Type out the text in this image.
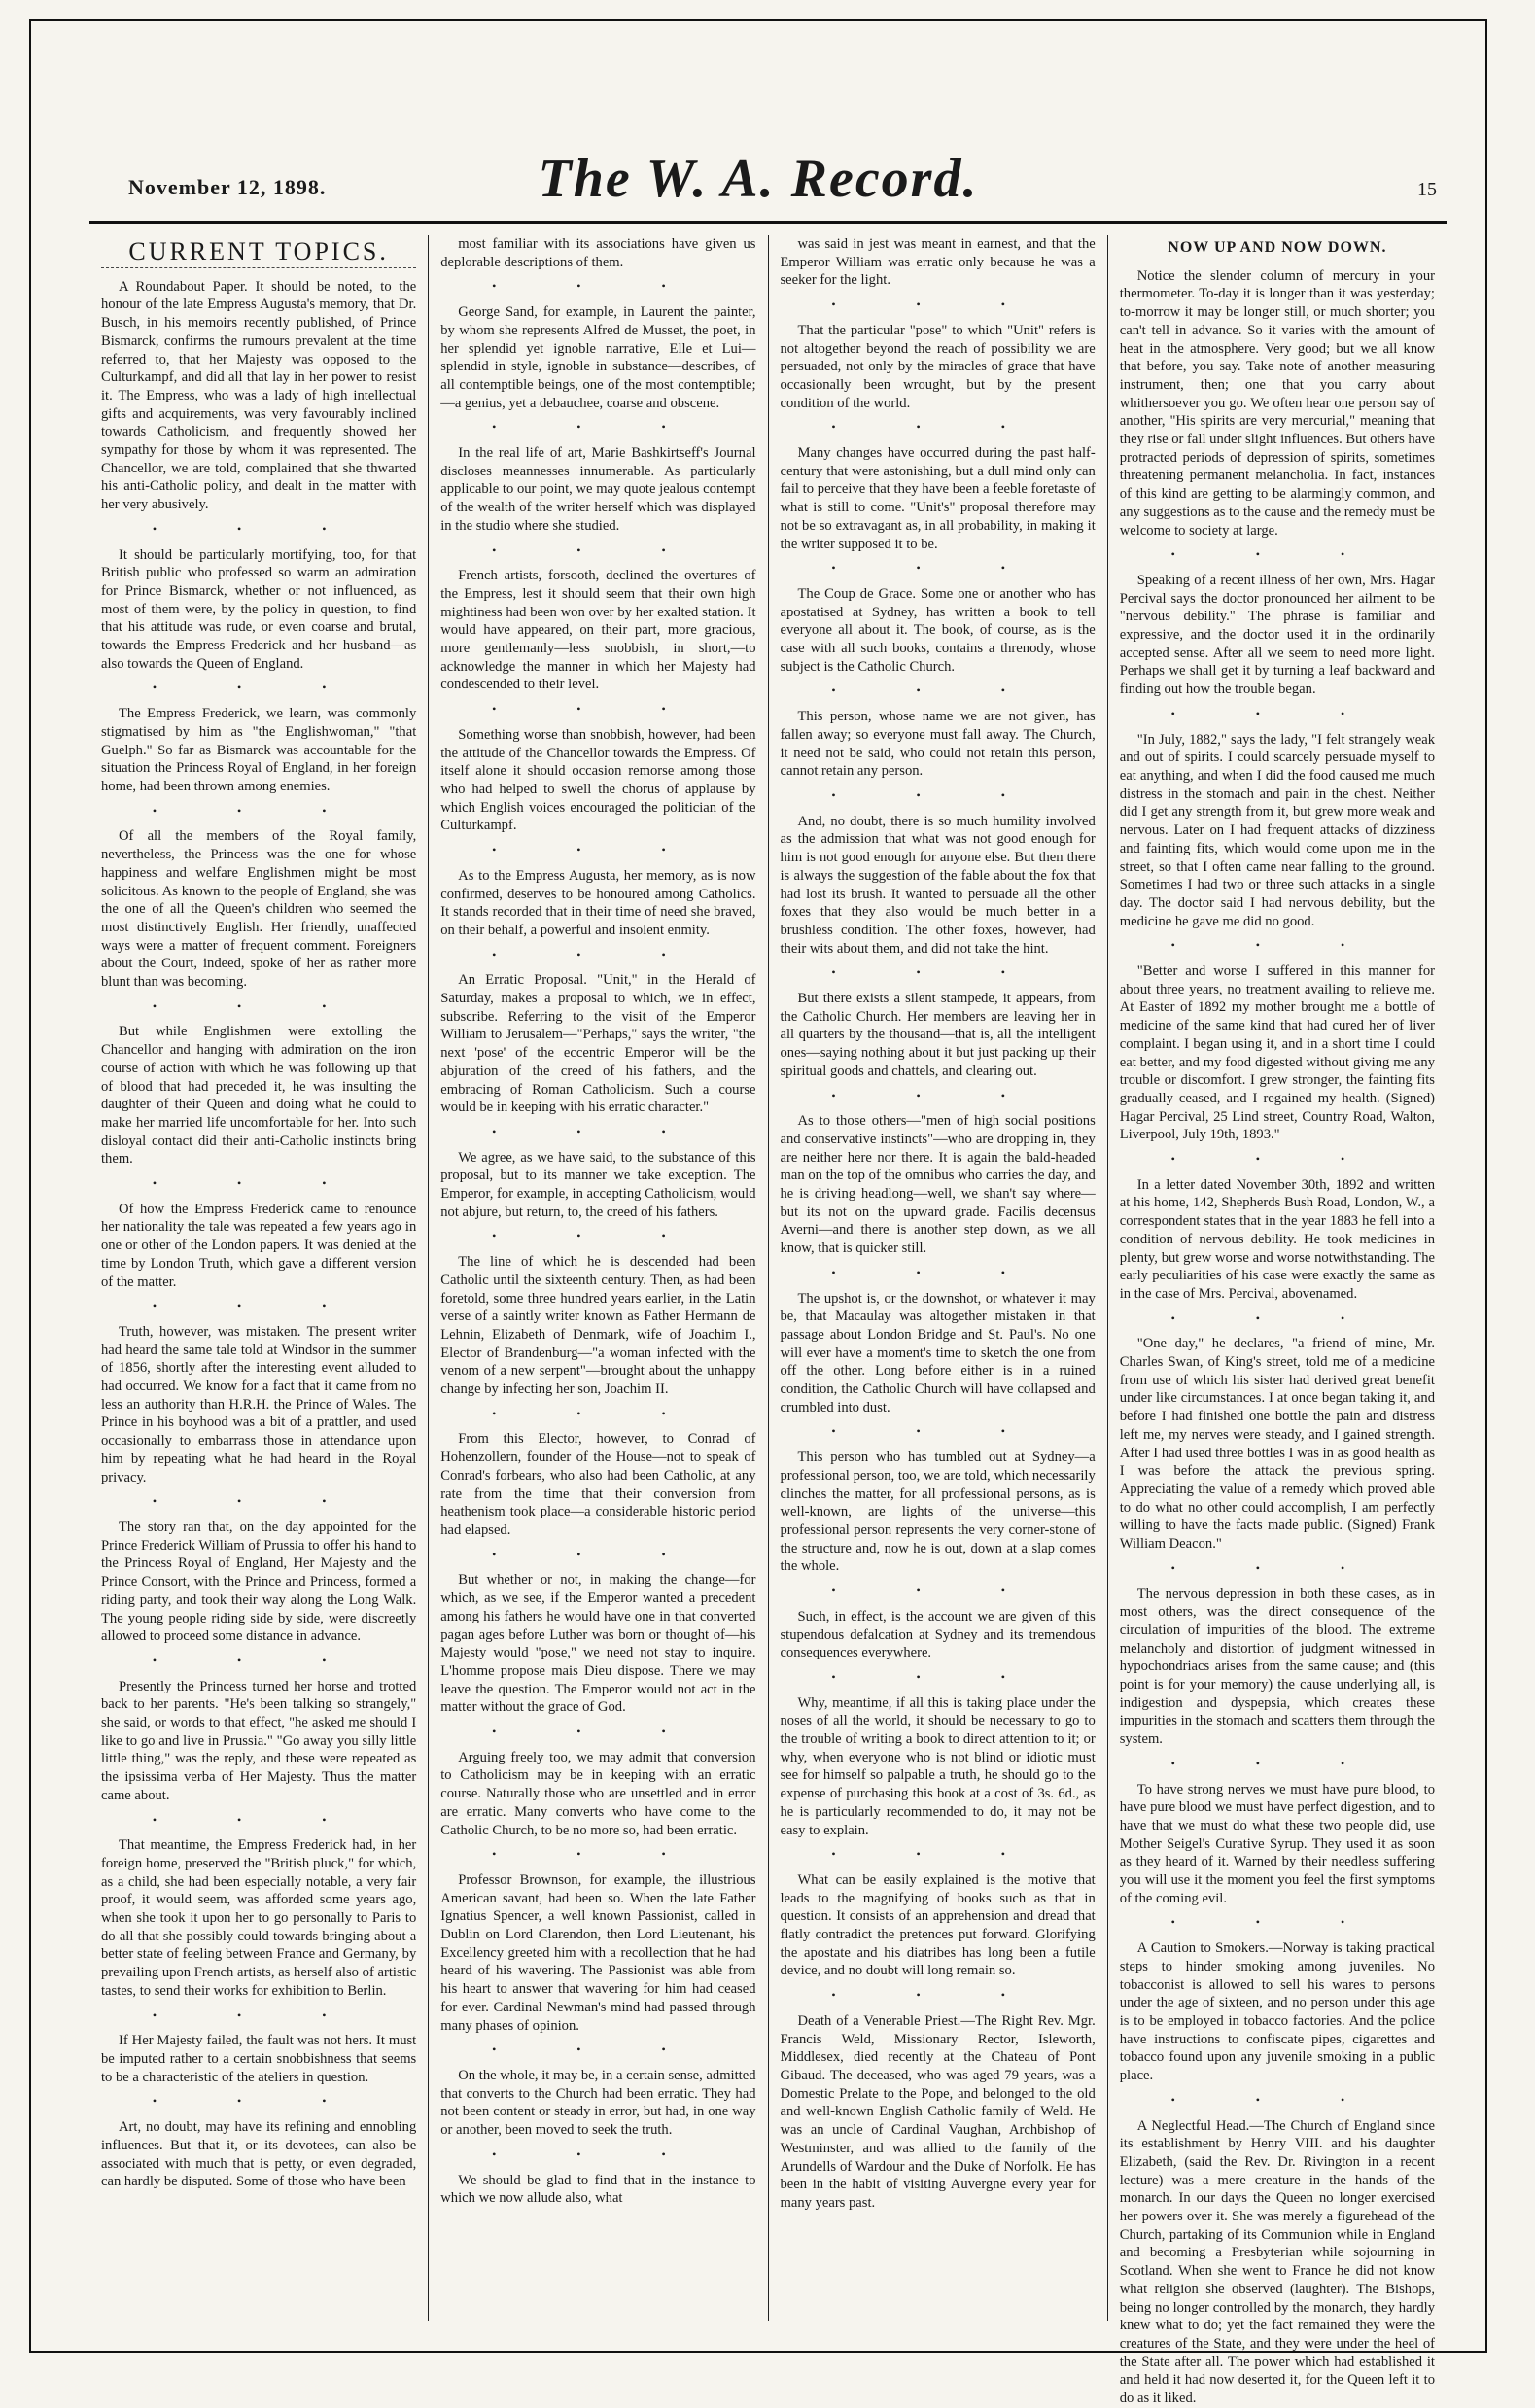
November 12, 1898.	The W. A. Record.	15
CURRENT TOPICS.

A Roundabout Paper. It should be noted, to the honour of the late Empress Augusta's memory, that Dr. Busch, in his memoirs recently published, of Prince Bismarck, confirms the rumours prevalent at the time referred to, that her Majesty was opposed to the Culturkampf, and did all that lay in her power to resist it. The Empress, who was a lady of high intellectual gifts and acquirements, was very favourably inclined towards Catholicism, and frequently showed her sympathy for those by whom it was represented. The Chancellor, we are told, complained that she thwarted his anti-Catholic policy, and dealt in the matter with her very abusively.

• • •

It should be particularly mortifying, too, for that British public who professed so warm an admiration for Prince Bismarck, whether or not influenced, as most of them were, by the policy in question, to find that his attitude was rude, or even coarse and brutal, towards the Empress Frederick and her husband—as also towards the Queen of England.

• • •

The Empress Frederick, we learn, was commonly stigmatised by him as "the Englishwoman," "that Guelph." So far as Bismarck was accountable for the situation the Princess Royal of England, in her foreign home, had been thrown among enemies.

• • •

Of all the members of the Royal family, nevertheless, the Princess was the one for whose happiness and welfare Englishmen might be most solicitous. As known to the people of England, she was the one of all the Queen's children who seemed the most distinctively English. Her friendly, unaffected ways were a matter of frequent comment. Foreigners about the Court, indeed, spoke of her as rather more blunt than was becoming.

• • •

But while Englishmen were extolling the Chancellor and hanging with admiration on the iron course of action with which he was following up that of blood that had preceded it, he was insulting the daughter of their Queen and doing what he could to make her married life uncomfortable for her. Into such disloyal contact did their anti-Catholic instincts bring them.

• • •

Of how the Empress Frederick came to renounce her nationality the tale was repeated a few years ago in one or other of the London papers. It was denied at the time by London Truth, which gave a different version of the matter.

• • •

Truth, however, was mistaken. The present writer had heard the same tale told at Windsor in the summer of 1856, shortly after the interesting event alluded to had occurred. We know for a fact that it came from no less an authority than H.R.H. the Prince of Wales. The Prince in his boyhood was a bit of a prattler, and used occasionally to embarrass those in attendance upon him by repeating what he had heard in the Royal privacy.

• • •

The story ran that, on the day appointed for the Prince Frederick William of Prussia to offer his hand to the Princess Royal of England, Her Majesty and the Prince Consort, with the Prince and Princess, formed a riding party, and took their way along the Long Walk. The young people riding side by side, were discreetly allowed to proceed some distance in advance.

• • •

Presently the Princess turned her horse and trotted back to her parents. "He's been talking so strangely," she said, or words to that effect, "he asked me should I like to go and live in Prussia." "Go away you silly little little thing," was the reply, and these were repeated as the ipsissima verba of Her Majesty. Thus the matter came about.

• • •

That meantime, the Empress Frederick had, in her foreign home, preserved the "British pluck," for which, as a child, she had been especially notable, a very fair proof, it would seem, was afforded some years ago, when she took it upon her to go personally to Paris to do all that she possibly could towards bringing about a better state of feeling between France and Germany, by prevailing upon French artists, as herself also of artistic tastes, to send their works for exhibition to Berlin.

• • •

If Her Majesty failed, the fault was not hers. It must be imputed rather to a certain snobbishness that seems to be a characteristic of the ateliers in question.

• • •

Art, no doubt, may have its refining and ennobling influences. But that it, or its devotees, can also be associated with much that is petty, or even degraded, can hardly be disputed. Some of those who have been

most familiar with its associations have given us deplorable descriptions of them.

• • •

George Sand, for example, in Laurent the painter, by whom she represents Alfred de Musset, the poet, in her splendid yet ignoble narrative, Elle et Lui—splendid in style, ignoble in substance—describes, of all contemptible beings, one of the most contemptible;—a genius, yet a debauchee, coarse and obscene.

• • •

In the real life of art, Marie Bashkirtseff's Journal discloses meannesses innumerable. As particularly applicable to our point, we may quote jealous contempt of the wealth of the writer herself which was displayed in the studio where she studied.

• • •

French artists, forsooth, declined the overtures of the Empress, lest it should seem that their own high mightiness had been won over by her exalted station. It would have appeared, on their part, more gracious, more gentlemanly—less snobbish, in short,—to acknowledge the manner in which her Majesty had condescended to their level.

• • •

Something worse than snobbish, however, had been the attitude of the Chancellor towards the Empress. Of itself alone it should occasion remorse among those who had helped to swell the chorus of applause by which English voices encouraged the politician of the Culturkampf.

• • •

As to the Empress Augusta, her memory, as is now confirmed, deserves to be honoured among Catholics. It stands recorded that in their time of need she braved, on their behalf, a powerful and insolent enmity.

• • •

An Erratic Proposal. "Unit," in the Herald of Saturday, makes a proposal to which, we in effect, subscribe. Referring to the visit of the Emperor William to Jerusalem—"Perhaps," says the writer, "the next 'pose' of the eccentric Emperor will be the abjuration of the creed of his fathers, and the embracing of Roman Catholicism. Such a course would be in keeping with his erratic character."

• • •

We agree, as we have said, to the substance of this proposal, but to its manner we take exception. The Emperor, for example, in accepting Catholicism, would not abjure, but return, to, the creed of his fathers.

• • •

The line of which he is descended had been Catholic until the sixteenth century. Then, as had been foretold, some three hundred years earlier, in the Latin verse of a saintly writer known as Father Hermann de Lehnin, Elizabeth of Denmark, wife of Joachim I., Elector of Brandenburg—"a woman infected with the venom of a new serpent"—brought about the unhappy change by infecting her son, Joachim II.

• • •

From this Elector, however, to Conrad of Hohenzollern, founder of the House—not to speak of Conrad's forbears, who also had been Catholic, at any rate from the time that their conversion from heathenism took place—a considerable historic period had elapsed.

• • •

But whether or not, in making the change—for which, as we see, if the Emperor wanted a precedent among his fathers he would have one in that converted pagan ages before Luther was born or thought of—his Majesty would "pose," we need not stay to inquire. L'homme propose mais Dieu dispose. There we may leave the question. The Emperor would not act in the matter without the grace of God.

• • •

Arguing freely too, we may admit that conversion to Catholicism may be in keeping with an erratic course. Naturally those who are unsettled and in error are erratic. Many converts who have come to the Catholic Church, to be no more so, had been erratic.

• • •

Professor Brownson, for example, the illustrious American savant, had been so. When the late Father Ignatius Spencer, a well known Passionist, called in Dublin on Lord Clarendon, then Lord Lieutenant, his Excellency greeted him with a recollection that he had heard of his wavering. The Passionist was able from his heart to answer that wavering for him had ceased for ever. Cardinal Newman's mind had passed through many phases of opinion.

• • •

On the whole, it may be, in a certain sense, admitted that converts to the Church had been erratic. They had not been content or steady in error, but had, in one way or another, been moved to seek the truth.

• • •

We should be glad to find that in the instance to which we now allude also, what

was said in jest was meant in earnest, and that the Emperor William was erratic only because he was a seeker for the light.

• • •

That the particular "pose" to which "Unit" refers is not altogether beyond the reach of possibility we are persuaded, not only by the miracles of grace that have occasionally been wrought, but by the present condition of the world.

• • •

Many changes have occurred during the past half-century that were astonishing, but a dull mind only can fail to perceive that they have been a feeble foretaste of what is still to come. "Unit's" proposal therefore may not be so extravagant as, in all probability, in making it the writer supposed it to be.

• • •

The Coup de Grace. Some one or another who has apostatised at Sydney, has written a book to tell everyone all about it. The book, of course, as is the case with all such books, contains a threnody, whose subject is the Catholic Church.

• • •

This person, whose name we are not given, has fallen away; so everyone must fall away. The Church, it need not be said, who could not retain this person, cannot retain any person.

• • •

And, no doubt, there is so much humility involved as the admission that what was not good enough for him is not good enough for anyone else. But then there is always the suggestion of the fable about the fox that had lost its brush. It wanted to persuade all the other foxes that they also would be much better in a brushless condition. The other foxes, however, had their wits about them, and did not take the hint.

• • •

But there exists a silent stampede, it appears, from the Catholic Church. Her members are leaving her in all quarters by the thousand—that is, all the intelligent ones—saying nothing about it but just packing up their spiritual goods and chattels, and clearing out.

• • •

As to those others—"men of high social positions and conservative instincts"—who are dropping in, they are neither here nor there. It is again the bald-headed man on the top of the omnibus who carries the day, and he is driving headlong—well, we shan't say where—but its not on the upward grade. Facilis decensus Averni—and there is another step down, as we all know, that is quicker still.

• • •

The upshot is, or the downshot, or whatever it may be, that Macaulay was altogether mistaken in that passage about London Bridge and St. Paul's. No one will ever have a moment's time to sketch the one from off the other. Long before either is in a ruined condition, the Catholic Church will have collapsed and crumbled into dust.

• • •

This person who has tumbled out at Sydney—a professional person, too, we are told, which necessarily clinches the matter, for all professional persons, as is well-known, are lights of the universe—this professional person represents the very corner-stone of the structure and, now he is out, down at a slap comes the whole.

• • •

Such, in effect, is the account we are given of this stupendous defalcation at Sydney and its tremendous consequences everywhere.

• • •

Why, meantime, if all this is taking place under the noses of all the world, it should be necessary to go to the trouble of writing a book to direct attention to it; or why, when everyone who is not blind or idiotic must see for himself so palpable a truth, he should go to the expense of purchasing this book at a cost of 3s. 6d., as he is particularly recommended to do, it may not be easy to explain.

• • •

What can be easily explained is the motive that leads to the magnifying of books such as that in question. It consists of an apprehension and dread that flatly contradict the pretences put forward. Glorifying the apostate and his diatribes has long been a futile device, and no doubt will long remain so.

• • •

Death of a Venerable Priest.—The Right Rev. Mgr. Francis Weld, Missionary Rector, Isleworth, Middlesex, died recently at the Chateau of Pont Gibaud. The deceased, who was aged 79 years, was a Domestic Prelate to the Pope, and belonged to the old and well-known English Catholic family of Weld. He was an uncle of Cardinal Vaughan, Archbishop of Westminster, and was allied to the family of the Arundells of Wardour and the Duke of Norfolk. He has been in the habit of visiting Auvergne every year for many years past.

NOW UP AND NOW DOWN.

Notice the slender column of mercury in your thermometer. To-day it is longer than it was yesterday; to-morrow it may be longer still, or much shorter; you can't tell in advance. So it varies with the amount of heat in the atmosphere. Very good; but we all know that before, you say. Take note of another measuring instrument, then; one that you carry about whithersoever you go. We often hear one person say of another, "His spirits are very mercurial," meaning that they rise or fall under slight influences. But others have protracted periods of depression of spirits, sometimes threatening permanent melancholia. In fact, instances of this kind are getting to be alarmingly common, and any suggestions as to the cause and the remedy must be welcome to society at large.

• • •

Speaking of a recent illness of her own, Mrs. Hagar Percival says the doctor pronounced her ailment to be "nervous debility." The phrase is familiar and expressive, and the doctor used it in the ordinarily accepted sense. After all we seem to need more light. Perhaps we shall get it by turning a leaf backward and finding out how the trouble began.

• • •

"In July, 1882," says the lady, "I felt strangely weak and out of spirits. I could scarcely persuade myself to eat anything, and when I did the food caused me much distress in the stomach and pain in the chest. Neither did I get any strength from it, but grew more weak and nervous. Later on I had frequent attacks of dizziness and fainting fits, which would come upon me in the street, so that I often came near falling to the ground. Sometimes I had two or three such attacks in a single day. The doctor said I had nervous debility, but the medicine he gave me did no good.

• • •

"Better and worse I suffered in this manner for about three years, no treatment availing to relieve me. At Easter of 1892 my mother brought me a bottle of medicine of the same kind that had cured her of liver complaint. I began using it, and in a short time I could eat better, and my food digested without giving me any trouble or discomfort. I grew stronger, the fainting fits gradually ceased, and I regained my health. (Signed) Hagar Percival, 25 Lind street, Country Road, Walton, Liverpool, July 19th, 1893."

• • •

In a letter dated November 30th, 1892 and written at his home, 142, Shepherds Bush Road, London, W., a correspondent states that in the year 1883 he fell into a condition of nervous debility. He took medicines in plenty, but grew worse and worse notwithstanding. The early peculiarities of his case were exactly the same as in the case of Mrs. Percival, abovenamed.

• • •

"One day," he declares, "a friend of mine, Mr. Charles Swan, of King's street, told me of a medicine from use of which his sister had derived great benefit under like circumstances. I at once began taking it, and before I had finished one bottle the pain and distress left me, my nerves were steady, and I gained strength. After I had used three bottles I was in as good health as I was before the attack the previous spring. Appreciating the value of a remedy which proved able to do what no other could accomplish, I am perfectly willing to have the facts made public. (Signed) Frank William Deacon."

• • •

The nervous depression in both these cases, as in most others, was the direct consequence of the circulation of impurities of the blood. The extreme melancholy and distortion of judgment witnessed in hypochondriacs arises from the same cause; and (this point is for your memory) the cause underlying all, is indigestion and dyspepsia, which creates these impurities in the stomach and scatters them through the system.

• • •

To have strong nerves we must have pure blood, to have pure blood we must have perfect digestion, and to have that we must do what these two people did, use Mother Seigel's Curative Syrup. They used it as soon as they heard of it. Warned by their needless suffering you will use it the moment you feel the first symptoms of the coming evil.

• • •

A Caution to Smokers.—Norway is taking practical steps to hinder smoking among juveniles. No tobacconist is allowed to sell his wares to persons under the age of sixteen, and no person under this age is to be employed in tobacco factories. And the police have instructions to confiscate pipes, cigarettes and tobacco found upon any juvenile smoking in a public place.

• • •

A Neglectful Head.—The Church of England since its establishment by Henry VIII. and his daughter Elizabeth, (said the Rev. Dr. Rivington in a recent lecture) was a mere creature in the hands of the monarch. In our days the Queen no longer exercised her powers over it. She was merely a figurehead of the Church, partaking of its Communion while in England and becoming a Presbyterian while sojourning in Scotland. When she went to France he did not know what religion she observed (laughter). The Bishops, being no longer controlled by the monarch, they hardly knew what to do; yet the fact remained they were the creatures of the State, and they were under the heel of the State after all. The power which had established it and held it had now deserted it, for the Queen left it to do as it liked.
